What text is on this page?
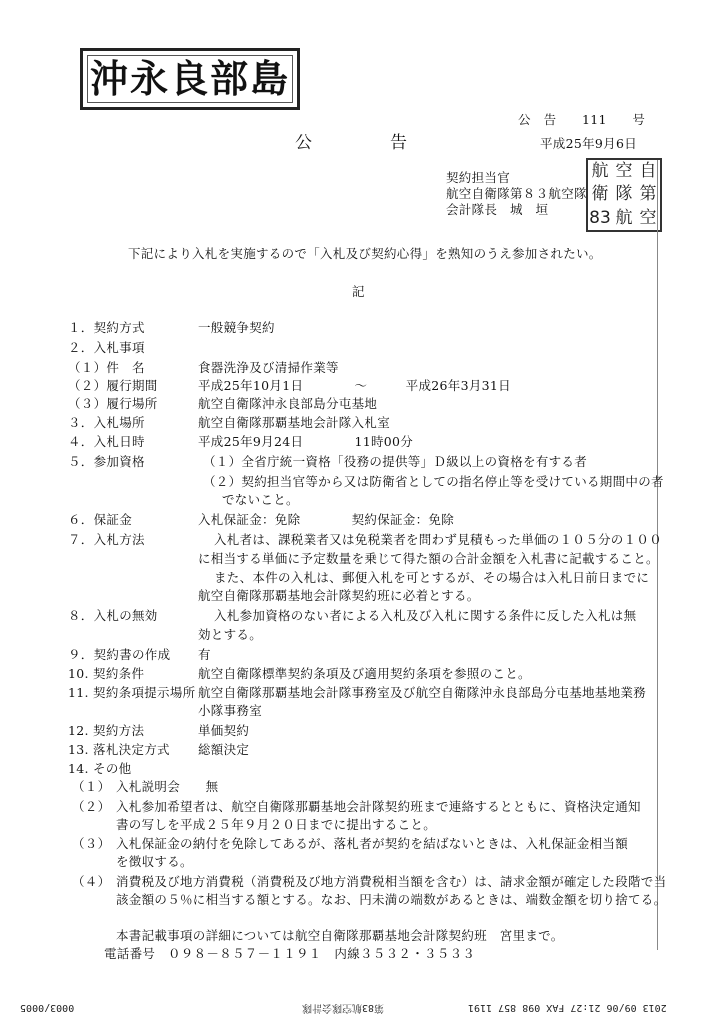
沖永良部島
公　告　　111　　号
公　　　　告	平成25年9月6日
契約担当官
航空自衛隊第８３航空隊
会計隊長　城　垣　　
航 空 自
衛 隊 第
83 航 空
下記により入札を実施するので「入札及び契約心得」を熟知のうえ参加されたい。
記
１．契約方式	一般競争契約
２．入札事項
（１）件　名	食器洗浄及び清掃作業等
（２）履行期間	平成25年10月1日　　　　～　　　平成26年3月31日
（３）履行場所	航空自衛隊沖永良部島分屯基地
３．入札場所	航空自衛隊那覇基地会計隊入札室
４．入札日時	平成25年9月24日　　　　11時00分
５．参加資格	（１）全省庁統一資格「役務の提供等」Ｄ級以上の資格を有する者
（２）契約担当官等から又は防衛省としての指名停止等を受けている期間中の者
でないこと。
６．保証金	入札保証金：免除　　　　契約保証金：免除
７．入札方法	入札者は、課税業者又は免税業者を問わず見積もった単価の１０５分の１００
に相当する単価に予定数量を乗じて得た額の合計金額を入札書に記載すること。
また、本件の入札は、郵便入札を可とするが、その場合は入札日前日までに
航空自衛隊那覇基地会計隊契約班に必着とする。
８．入札の無効	入札参加資格のない者による入札及び入札に関する条件に反した入札は無
効とする。
９．契約書の作成 有
10. 契約条件	航空自衛隊標準契約条項及び適用契約条項を参照のこと。
11. 契約条項提示場所 航空自衛隊那覇基地会計隊事務室及び航空自衛隊沖永良部島分屯基地基地業務
小隊事務室
12. 契約方法	単価契約
13. 落札決定方式 総額決定
14. その他
（１） 入札説明会　　無
（２） 入札参加希望者は、航空自衛隊那覇基地会計隊契約班まで連絡するとともに、資格決定通知
書の写しを平成２５年９月２０日までに提出すること。
（３） 入札保証金の納付を免除してあるが、落札者が契約を結ばないときは、入札保証金相当額
を徴収する。
（４） 消費税及び地方消費税（消費税及び地方消費税相当額を含む）は、請求金額が確定した段階で当
該金額の５％に相当する額とする。なお、円未満の端数があるときは、端数金額を切り捨てる。
本書記載事項の詳細については航空自衛隊那覇基地会計隊契約班　宮里まで。
電話番号　０９８－８５７－１１９１　内線３５３２・３５３３
0003/0005	第83航空隊会計隊	2013 09/06 21:27 FAX 098 857 1191
